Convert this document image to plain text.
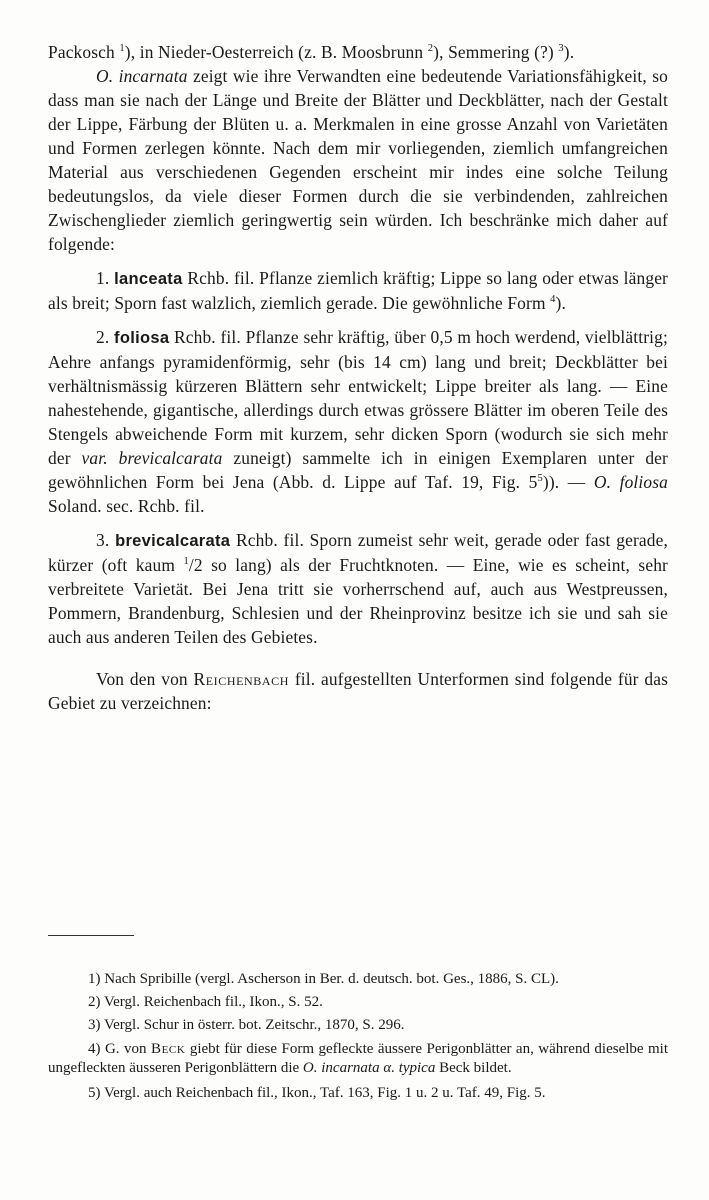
Packosch $^1$), in Nieder-Oesterreich (z. B. Moosbrunn $^2$), Semmering (?) $^3$).

O. incarnata zeigt wie ihre Verwandten eine bedeutende Variationsfähigkeit, so dass man sie nach der Länge und Breite der Blätter und Deckblätter, nach der Gestalt der Lippe, Färbung der Blüten u. a. Merkmalen in eine grosse Anzahl von Varietäten und Formen zerlegen könnte. Nach dem mir vorliegenden, ziemlich umfangreichen Material aus verschiedenen Gegenden erscheint mir indes eine solche Teilung bedeutungslos, da viele dieser Formen durch die sie verbindenden, zahlreichen Zwischenglieder ziemlich geringwertig sein würden. Ich beschränke mich daher auf folgende:

1. lanceata Rchb. fil. Pflanze ziemlich kräftig; Lippe so lang oder etwas länger als breit; Sporn fast walzlich, ziemlich gerade. Die gewöhnliche Form $^4$).

2. foliosa Rchb. fil. Pflanze sehr kräftig, über 0,5 m hoch werdend, vielblättrig; Aehre anfangs pyramidenförmig, sehr (bis 14 cm) lang und breit; Deckblätter bei verhältnismässig kürzeren Blättern sehr entwickelt; Lippe breiter als lang. — Eine nahestehende, gigantische, allerdings durch etwas grössere Blätter im oberen Teile des Stengels abweichende Form mit kurzem, sehr dicken Sporn (wodurch sie sich mehr der var. brevicalcarata zuneigt) sammelte ich in einigen Exemplaren unter der gewöhnlichen Form bei Jena (Abb. d. Lippe auf Taf. 19, Fig. $5^5$)). — O. foliosa Soland. sec. Rchb. fil.

3. brevicalcarata Rchb. fil. Sporn zumeist sehr weit, gerade oder fast gerade, kürzer (oft kaum $^1$/2 so lang) als der Fruchtknoten. — Eine, wie es scheint, sehr verbreitete Varietät. Bei Jena tritt sie vorherrschend auf, auch aus Westpreussen, Pommern, Brandenburg, Schlesien und der Rheinprovinz besitze ich sie und sah sie auch aus anderen Teilen des Gebietes.

Von den von Reichenbach fil. aufgestellten Unterformen sind folgende für das Gebiet zu verzeichnen:

1) Nach Spribille (vergl. Ascherson in Ber. d. deutsch. bot. Ges., 1886, S. CL).

2) Vergl. Reichenbach fil., Ikon., S. 52.

3) Vergl. Schur in österr. bot. Zeitschr., 1870, S. 296.

4) G. von Beck giebt für diese Form gefleckte äussere Perigonblätter an, während dieselbe mit ungefleckten äusseren Perigonblättern die O. incarnata α. typica Beck bildet.

5) Vergl. auch Reichenbach fil., Ikon., Taf. 163, Fig. 1 u. 2 u. Taf. 49, Fig. 5.
